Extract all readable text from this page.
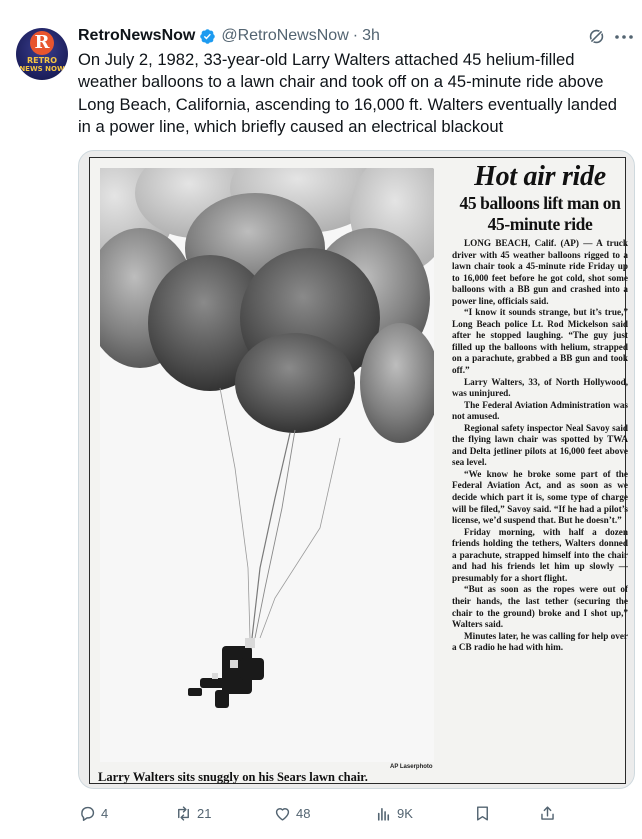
R
RETRO
NEWS NOW
RetroNewsNow @RetroNewsNow · 3h
On July 2, 1982, 33-year-old Larry Walters attached 45 helium-filled weather balloons to a lawn chair and took off on a 45-minute ride above Long Beach, California, ascending to 16,000 ft. Walters eventually landed in a power line, which briefly caused an electrical blackout
AP Laserphoto
Larry Walters sits snuggly on his Sears lawn chair.
Hot air ride
45 balloons lift man on 45-minute ride

LONG BEACH, Calif. (AP) — A truck driver with 45 weather balloons rigged to a lawn chair took a 45-minute ride Friday up to 16,000 feet before he got cold, shot some balloons with a BB gun and crashed into a power line, officials said.

“I know it sounds strange, but it’s true,” Long Beach police Lt. Rod Mickelson said after he stopped laughing. “The guy just filled up the balloons with helium, strapped on a parachute, grabbed a BB gun and took off.”

Larry Walters, 33, of North Hollywood, was uninjured.

The Federal Aviation Administration was not amused.

Regional safety inspector Neal Savoy said the flying lawn chair was spotted by TWA and Delta jetliner pilots at 16,000 feet above sea level.

“We know he broke some part of the Federal Aviation Act, and as soon as we decide which part it is, some type of charge will be filed,” Savoy said. “If he had a pilot’s license, we’d suspend that. But he doesn’t.”

Friday morning, with half a dozen friends holding the tethers, Walters donned a parachute, strapped himself into the chair and had his friends let him up slowly — presumably for a short flight.

“But as soon as the ropes were out of their hands, the last tether (securing the chair to the ground) broke and I shot up,” Walters said.

Minutes later, he was calling for help over a CB radio he had with him.

4	21	48	9K
